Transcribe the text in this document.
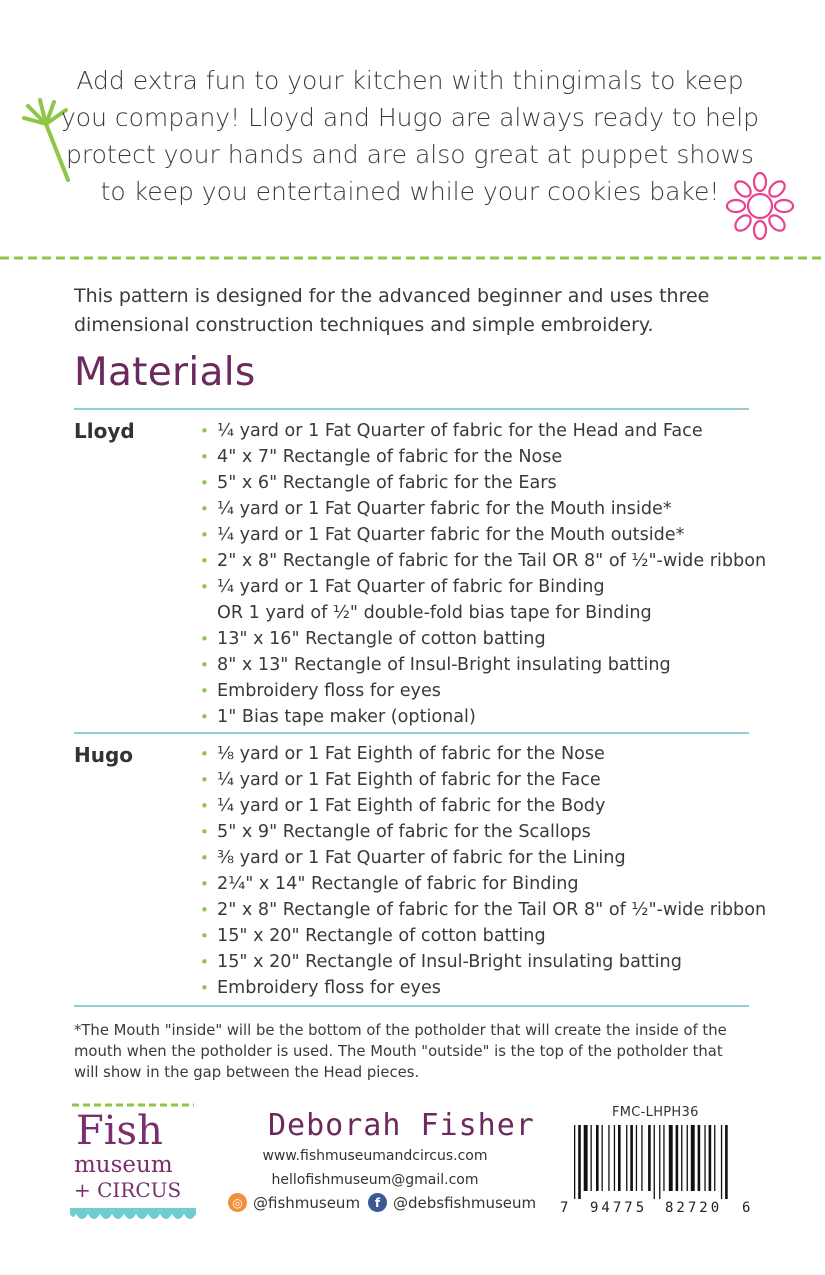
Add extra fun to your kitchen with thingimals to keep
you company! Lloyd and Hugo are always ready to help
protect your hands and are also great at puppet shows
to keep you entertained while your cookies bake!
This pattern is designed for the advanced beginner and uses three
dimensional construction techniques and simple embroidery.
Materials
Lloyd	• ¼ yard or 1 Fat Quarter of fabric for the Head and Face
• 4" x 7" Rectangle of fabric for the Nose
• 5" x 6" Rectangle of fabric for the Ears
• ¼ yard or 1 Fat Quarter fabric for the Mouth inside*
• ¼ yard or 1 Fat Quarter fabric for the Mouth outside*
• 2" x 8" Rectangle of fabric for the Tail OR 8" of ½"-wide ribbon
• ¼ yard or 1 Fat Quarter of fabric for Binding
OR 1 yard of ½" double-fold bias tape for Binding
• 13" x 16" Rectangle of cotton batting
• 8" x 13" Rectangle of Insul-Bright insulating batting
• Embroidery floss for eyes
• 1" Bias tape maker (optional)
Hugo	• ⅛ yard or 1 Fat Eighth of fabric for the Nose
• ¼ yard or 1 Fat Eighth of fabric for the Face
• ¼ yard or 1 Fat Eighth of fabric for the Body
• 5" x 9" Rectangle of fabric for the Scallops
• ⅜ yard or 1 Fat Quarter of fabric for the Lining
• 2¼" x 14" Rectangle of fabric for Binding
• 2" x 8" Rectangle of fabric for the Tail OR 8" of ½"-wide ribbon
• 15" x 20" Rectangle of cotton batting
• 15" x 20" Rectangle of Insul-Bright insulating batting
• Embroidery floss for eyes
*The Mouth "inside" will be the bottom of the potholder that will create the inside of the
mouth when the potholder is used. The Mouth "outside" is the top of the potholder that
will show in the gap between the Head pieces.
Fish
museum
+ CIRCUS
Deborah Fisher
www.fishmuseumandcircus.com
hellofishmuseum@gmail.com
◎ @fishmuseum	f @debsfishmuseum
FMC-LHPH36
7 94775 82720 6
